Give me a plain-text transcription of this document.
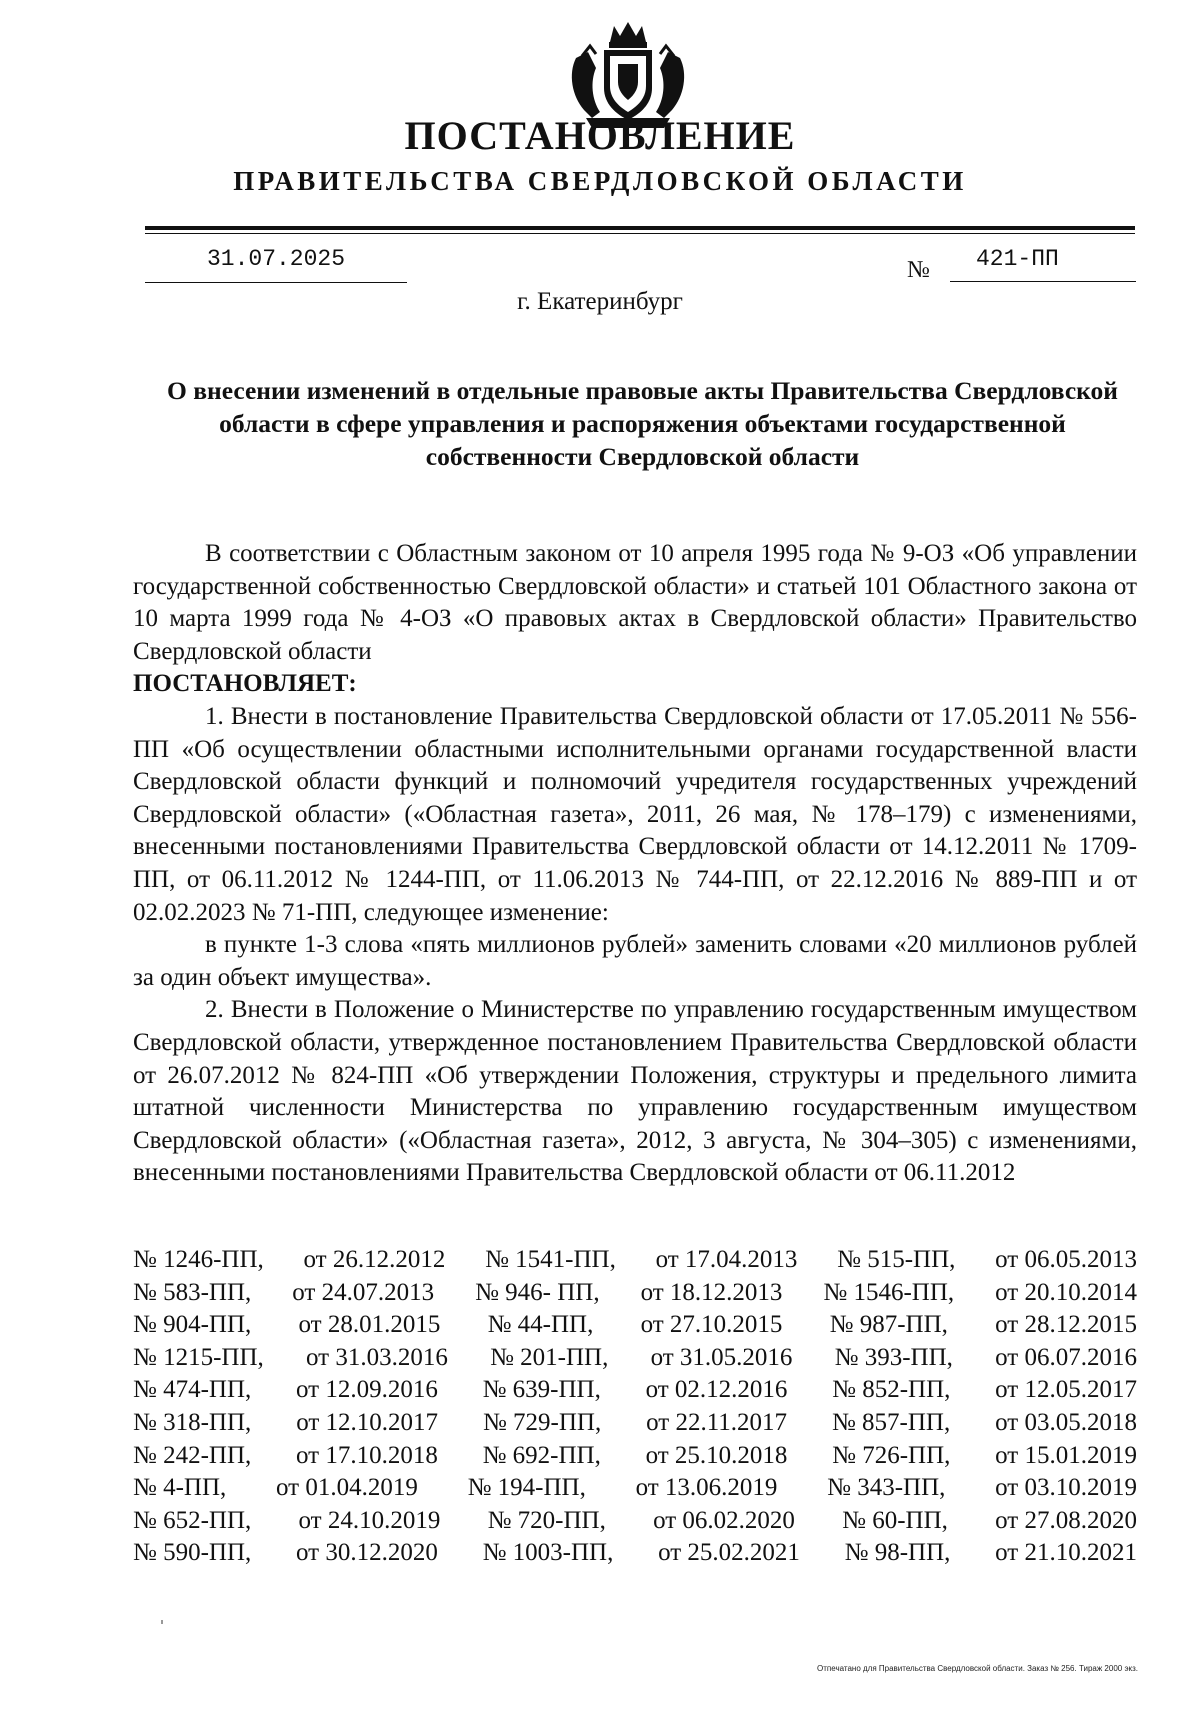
ПОСТАНОВЛЕНИЕ
ПРАВИТЕЛЬСТВА СВЕРДЛОВСКОЙ ОБЛАСТИ
31.07.2025	№	421-ПП
г. Екатеринбург
О внесении изменений в отдельные правовые акты Правительства Свердловской области в сфере управления и распоряжения объектами государственной собственности Свердловской области

В соответствии с Областным законом от 10 апреля 1995 года № 9-ОЗ «Об управлении государственной собственностью Свердловской области» и статьей 101 Областного закона от 10 марта 1999 года № 4-ОЗ «О правовых актах в Свердловской области» Правительство Свердловской области

ПОСТАНОВЛЯЕТ:

1. Внести в постановление Правительства Свердловской области от 17.05.2011 № 556-ПП «Об осуществлении областными исполнительными органами государственной власти Свердловской области функций и полномочий учредителя государственных учреждений Свердловской области» («Областная газета», 2011, 26 мая, № 178–179) с изменениями, внесенными постановлениями Правительства Свердловской области от 14.12.2011 № 1709-ПП, от 06.11.2012 № 1244-ПП, от 11.06.2013 № 744-ПП, от 22.12.2016 № 889-ПП и от 02.02.2023 № 71-ПП, следующее изменение:

в пункте 1-3 слова «пять миллионов рублей» заменить словами «20 миллионов рублей за один объект имущества».

2. Внести в Положение о Министерстве по управлению государственным имуществом Свердловской области, утвержденное постановлением Правительства Свердловской области от 26.07.2012 № 824-ПП «Об утверждении Положения, структуры и предельного лимита штатной численности Министерства по управлению государственным имуществом Свердловской области» («Областная газета», 2012, 3 августа, № 304–305) с изменениями, внесенными постановлениями Правительства Свердловской области от 06.11.2012

№ 1246-ПП, от 26.12.2012 № 1541-ПП, от 17.04.2013 № 515-ПП, от 06.05.2013
№ 583-ПП, от 24.07.2013 № 946- ПП, от 18.12.2013 № 1546-ПП, от 20.10.2014
№ 904-ПП, от 28.01.2015 № 44-ПП, от 27.10.2015 № 987-ПП, от 28.12.2015
№ 1215-ПП, от 31.03.2016 № 201-ПП, от 31.05.2016 № 393-ПП, от 06.07.2016
№ 474-ПП, от 12.09.2016 № 639-ПП, от 02.12.2016 № 852-ПП, от 12.05.2017
№ 318-ПП, от 12.10.2017 № 729-ПП, от 22.11.2017 № 857-ПП, от 03.05.2018
№ 242-ПП, от 17.10.2018 № 692-ПП, от 25.10.2018 № 726-ПП, от 15.01.2019
№ 4-ПП, от 01.04.2019 № 194-ПП, от 13.06.2019 № 343-ПП, от 03.10.2019
№ 652-ПП, от 24.10.2019 № 720-ПП, от 06.02.2020 № 60-ПП, от 27.08.2020
№ 590-ПП, от 30.12.2020 № 1003-ПП, от 25.02.2021 № 98-ПП, от 21.10.2021
Отпечатано для Правительства Свердловской области. Заказ № 256. Тираж 2000 экз.
